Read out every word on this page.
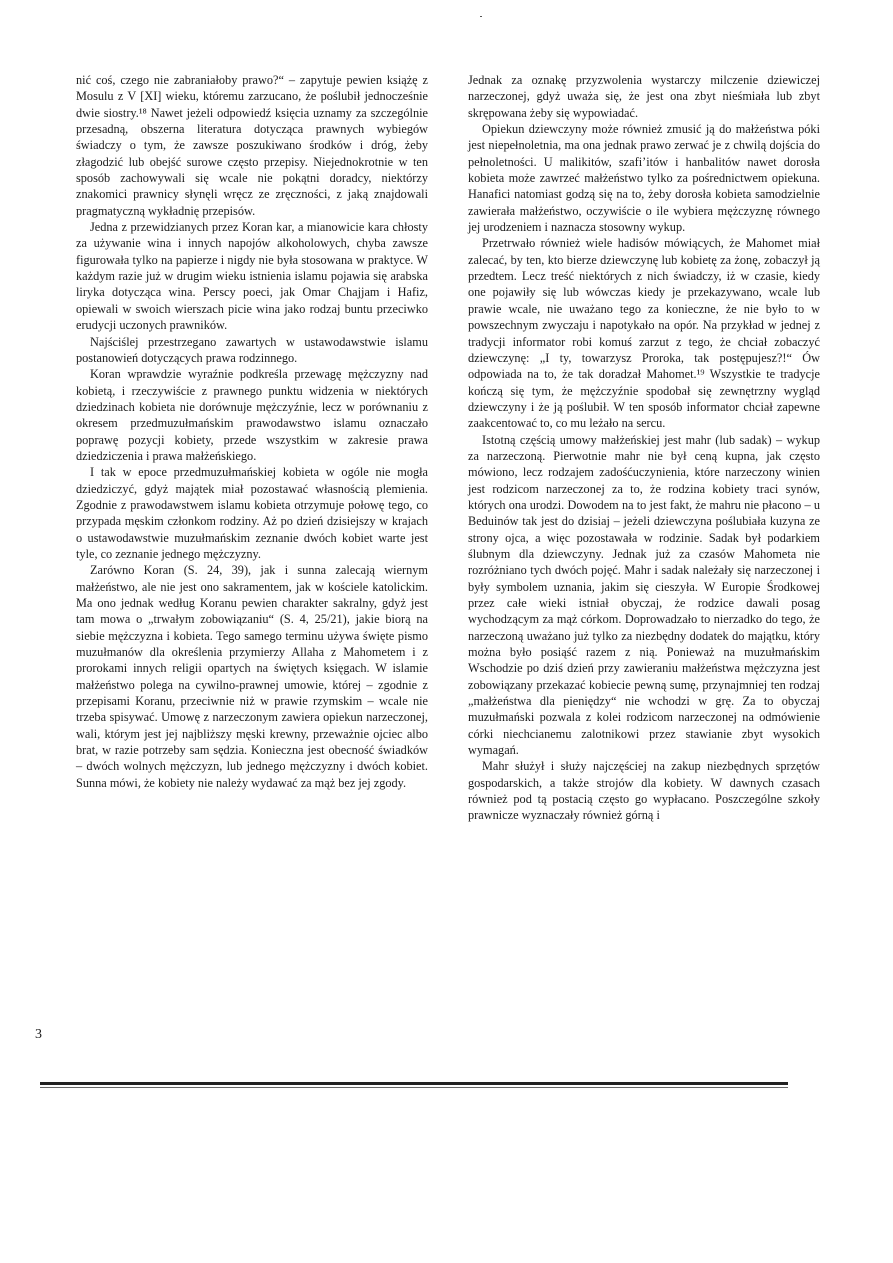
nić coś, czego nie zabraniałoby prawo?“ – zapytuje pewien książę z Mosulu z V [XI] wieku, któremu zarzucano, że poślubił jednocześnie dwie siostry.¹⁸ Nawet jeżeli odpowiedź księcia uznamy za szczególnie przesadną, obszerna literatura dotycząca prawnych wybiegów świadczy o tym, że zawsze poszukiwano środków i dróg, żeby złagodzić lub obejść surowe często przepisy. Niejednokrotnie w ten sposób zachowywali się wcale nie pokątni doradcy, niektórzy znakomici prawnicy słynęli wręcz ze zręczności, z jaką znajdowali pragmatyczną wykładnię przepisów.

Jedna z przewidzianych przez Koran kar, a mianowicie kara chłosty za używanie wina i innych napojów alkoholowych, chyba zawsze figurowała tylko na papierze i nigdy nie była stosowana w praktyce. W każdym razie już w drugim wieku istnienia islamu pojawia się arabska liryka dotycząca wina. Perscy poeci, jak Omar Chajjam i Hafiz, opiewali w swoich wierszach picie wina jako rodzaj buntu przeciwko erudycji uczonych prawników.

Najściślej przestrzegano zawartych w ustawodawstwie islamu postanowień dotyczących prawa rodzinnego.

Koran wprawdzie wyraźnie podkreśla przewagę mężczyzny nad kobietą, i rzeczywiście z prawnego punktu widzenia w niektórych dziedzinach kobieta nie dorównuje mężczyźnie, lecz w porównaniu z okresem przedmuzułmańskim prawodawstwo islamu oznaczało poprawę pozycji kobiety, przede wszystkim w zakresie prawa dziedziczenia i prawa małżeńskiego.

I tak w epoce przedmuzułmańskiej kobieta w ogóle nie mogła dziedziczyć, gdyż majątek miał pozostawać własnością plemienia. Zgodnie z prawodawstwem islamu kobieta otrzymuje połowę tego, co przypada męskim członkom rodziny. Aż po dzień dzisiejszy w krajach o ustawodawstwie muzułmańskim zeznanie dwóch kobiet warte jest tyle, co zeznanie jednego mężczyzny.

Zarówno Koran (S. 24, 39), jak i sunna zalecają wiernym małżeństwo, ale nie jest ono sakramentem, jak w kościele katolickim. Ma ono jednak według Koranu pewien charakter sakralny, gdyż jest tam mowa o „trwałym zobowiązaniu“ (S. 4, 25/21), jakie biorą na siebie mężczyzna i kobieta. Tego samego terminu używa święte pismo muzułmanów dla określenia przymierzy Allaha z Mahometem i z prorokami innych religii opartych na świętych księgach. W islamie małżeństwo polega na cywilno-prawnej umowie, której – zgodnie z przepisami Koranu, przeciwnie niż w prawie rzymskim – wcale nie trzeba spisywać. Umowę z narzeczonym zawiera opiekun narzeczonej, wali, którym jest jej najbliższy męski krewny, przeważnie ojciec albo brat, w razie potrzeby sam sędzia. Konieczna jest obecność świadków – dwóch wolnych mężczyzn, lub jednego mężczyzny i dwóch kobiet. Sunna mówi, że kobiety nie należy wydawać za mąż bez jej zgody.

Jednak za oznakę przyzwolenia wystarczy milczenie dziewiczej narzeczonej, gdyż uważa się, że jest ona zbyt nieśmiała lub zbyt skrępowana żeby się wypowiadać.

Opiekun dziewczyny może również zmusić ją do małżeństwa póki jest niepełnoletnia, ma ona jednak prawo zerwać je z chwilą dojścia do pełnoletności. U malikitów, szafi’itów i hanbalitów nawet dorosła kobieta może zawrzeć małżeństwo tylko za pośrednictwem opiekuna. Hanafici natomiast godzą się na to, żeby dorosła kobieta samodzielnie zawierała małżeństwo, oczywiście o ile wybiera mężczyznę równego jej urodzeniem i naznacza stosowny wykup.

Przetrwało również wiele hadisów mówiących, że Mahomet miał zalecać, by ten, kto bierze dziewczynę lub kobietę za żonę, zobaczył ją przedtem. Lecz treść niektórych z nich świadczy, iż w czasie, kiedy one pojawiły się lub wówczas kiedy je przekazywano, wcale lub prawie wcale, nie uważano tego za konieczne, że nie było to w powszechnym zwyczaju i napotykało na opór. Na przykład w jednej z tradycji informator robi komuś zarzut z tego, że chciał zobaczyć dziewczynę: „I ty, towarzysz Proroka, tak postępujesz?!“ Ów odpowiada na to, że tak doradzał Mahomet.¹⁹ Wszystkie te tradycje kończą się tym, że mężczyźnie spodobał się zewnętrzny wygląd dziewczyny i że ją poślubił. W ten sposób informator chciał zapewne zaakcentować to, co mu leżało na sercu.

Istotną częścią umowy małżeńskiej jest mahr (lub sadak) – wykup za narzeczoną. Pierwotnie mahr nie był ceną kupna, jak często mówiono, lecz rodzajem zadośćuczynienia, które narzeczony winien jest rodzicom narzeczonej za to, że rodzina kobiety traci synów, których ona urodzi. Dowodem na to jest fakt, że mahru nie płacono – u Beduinów tak jest do dzisiaj – jeżeli dziewczyna poślubiała kuzyna ze strony ojca, a więc pozostawała w rodzinie. Sadak był podarkiem ślubnym dla dziewczyny. Jednak już za czasów Mahometa nie rozróżniano tych dwóch pojęć. Mahr i sadak należały się narzeczonej i były symbolem uznania, jakim się cieszyła. W Europie Środkowej przez całe wieki istniał obyczaj, że rodzice dawali posag wychodzącym za mąż córkom. Doprowadzało to nierzadko do tego, że narzeczoną uważano już tylko za niezbędny dodatek do majątku, który można było posiąść razem z nią. Ponieważ na muzułmańskim Wschodzie po dziś dzień przy zawieraniu małżeństwa mężczyzna jest zobowiązany przekazać kobiecie pewną sumę, przynajmniej ten rodzaj „małżeństwa dla pieniędzy“ nie wchodzi w grę. Za to obyczaj muzułmański pozwala z kolei rodzicom narzeczonej na odmówienie córki niechcianemu zalotnikowi przez stawianie zbyt wysokich wymagań.

Mahr służył i służy najczęściej na zakup niezbędnych sprzętów gospodarskich, a także strojów dla kobiety. W dawnych czasach również pod tą postacią często go wypłacano. Poszczególne szkoły prawnicze wyznaczały również górną i

3
